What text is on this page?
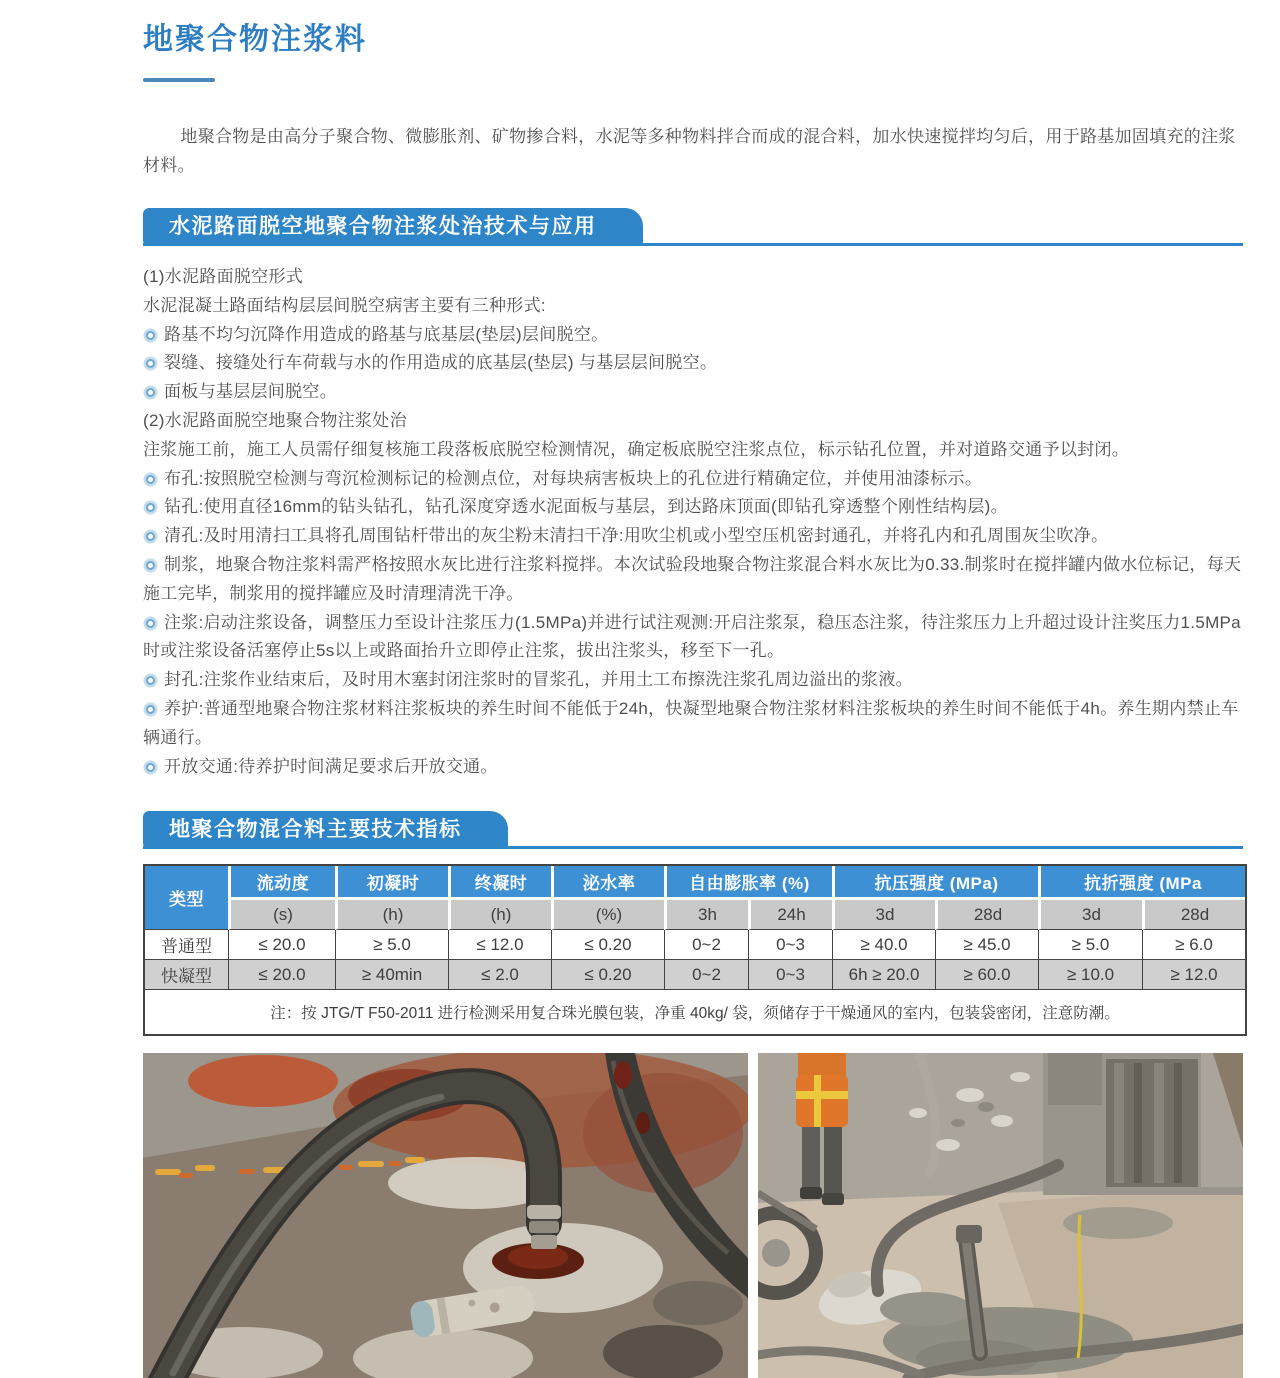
地聚合物注浆料

地聚合物是由高分子聚合物、微膨胀剂、矿物掺合料，水泥等多种物料拌合而成的混合料，加水快速搅拌均匀后，用于路基加固填充的注浆材料。

水泥路面脱空地聚合物注浆处治技术与应用

(1)水泥路面脱空形式

水泥混凝土路面结构层层间脱空病害主要有三种形式:

路基不均匀沉降作用造成的路基与底基层(垫层)层间脱空。

裂缝、接缝处行车荷载与水的作用造成的底基层(垫层) 与基层层间脱空。

面板与基层层间脱空。

(2)水泥路面脱空地聚合物注浆处治

注浆施工前，施工人员需仔细复核施工段落板底脱空检测情况，确定板底脱空注浆点位，标示钻孔位置，并对道路交通予以封闭。

布孔:按照脱空检测与弯沉检测标记的检测点位，对每块病害板块上的孔位进行精确定位，并使用油漆标示。

钻孔:使用直径16mm的钻头钻孔，钻孔深度穿透水泥面板与基层，到达路床顶面(即钻孔穿透整个刚性结构层)。

清孔:及时用清扫工具将孔周围钻杆带出的灰尘粉末清扫干净:用吹尘机或小型空压机密封通孔，并将孔内和孔周围灰尘吹净。

制浆，地聚合物注浆料需严格按照水灰比进行注浆料搅拌。本次试验段地聚合物注浆混合料水灰比为0.33.制浆时在搅拌罐内做水位标记，每天施工完毕，制浆用的搅拌罐应及时清理清洗干净。

注浆:启动注浆设备，调整压力至设计注浆压力(1.5MPa)并进行试注观测:开启注浆泵，稳压态注浆，待注浆压力上升超过设计注奖压力1.5MPa时或注浆设备活塞停止5s以上或路面抬升立即停止注浆，拔出注浆头，移至下一孔。

封孔:注浆作业结束后，及时用木塞封闭注浆时的冒浆孔，并用土工布擦洗注浆孔周边溢出的浆液。

养护:普通型地聚合物注浆材料注浆板块的养生时间不能低于24h，快凝型地聚合物注浆材料注浆板块的养生时间不能低于4h。养生期内禁止车辆通行。

开放交通:待养护时间满足要求后开放交通。

地聚合物混合料主要技术指标
类型	流动度	初凝时	终凝时	泌水率	自由膨胀率 (%)		抗压强度 (MPa)		抗折强度 (MPa	
	(s)	(h)	(h)	(%)	3h	24h	3d	28d	3d	28d
普通型	≤ 20.0	≥ 5.0	≤ 12.0	≤ 0.20	0~2	0~3	≥ 40.0	≥ 45.0	≥ 5.0	≥ 6.0
快凝型	≤ 20.0	≥ 40min	≤ 2.0	≤ 0.20	0~2	0~3	6h ≥ 20.0	≥ 60.0	≥ 10.0	≥ 12.0
注：按 JTG/T F50-2011 进行检测采用复合珠光膜包装，净重 40kg/ 袋，须储存于干燥通风的室内，包装袋密闭，注意防潮。										
